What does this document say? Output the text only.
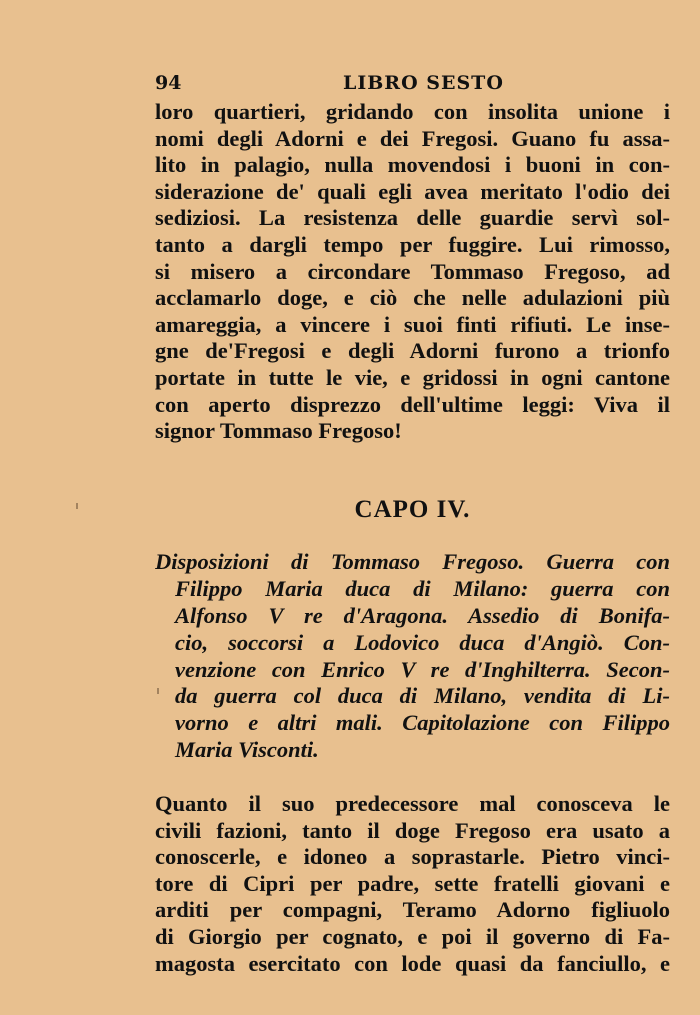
94	LIBRO SESTO
loro quartieri, gridando con insolita unione i
nomi degli Adorni e dei Fregosi. Guano fu assa-
lito in palagio, nulla movendosi i buoni in con-
siderazione de' quali egli avea meritato l'odio dei
sediziosi. La resistenza delle guardie servì sol-
tanto a dargli tempo per fuggire. Lui rimosso,
si misero a circondare Tommaso Fregoso, ad
acclamarlo doge, e ciò che nelle adulazioni più
amareggia, a vincere i suoi finti rifiuti. Le inse-
gne de'Fregosi e degli Adorni furono a trionfo
portate in tutte le vie, e gridossi in ogni cantone
con aperto disprezzo dell'ultime leggi: Viva il
signor Tommaso Fregoso!
CAPO IV.
Disposizioni di Tommaso Fregoso. Guerra con
Filippo Maria duca di Milano: guerra con
Alfonso V re d'Aragona. Assedio di Bonifa-
cio, soccorsi a Lodovico duca d'Angiò. Con-
venzione con Enrico V re d'Inghilterra. Secon-
da guerra col duca di Milano, vendita di Li-
vorno e altri mali. Capitolazione con Filippo
Maria Visconti.
Quanto il suo predecessore mal conosceva le
civili fazioni, tanto il doge Fregoso era usato a
conoscerle, e idoneo a soprastarle. Pietro vinci-
tore di Cipri per padre, sette fratelli giovani e
arditi per compagni, Teramo Adorno figliuolo
di Giorgio per cognato, e poi il governo di Fa-
magosta esercitato con lode quasi da fanciullo, e
